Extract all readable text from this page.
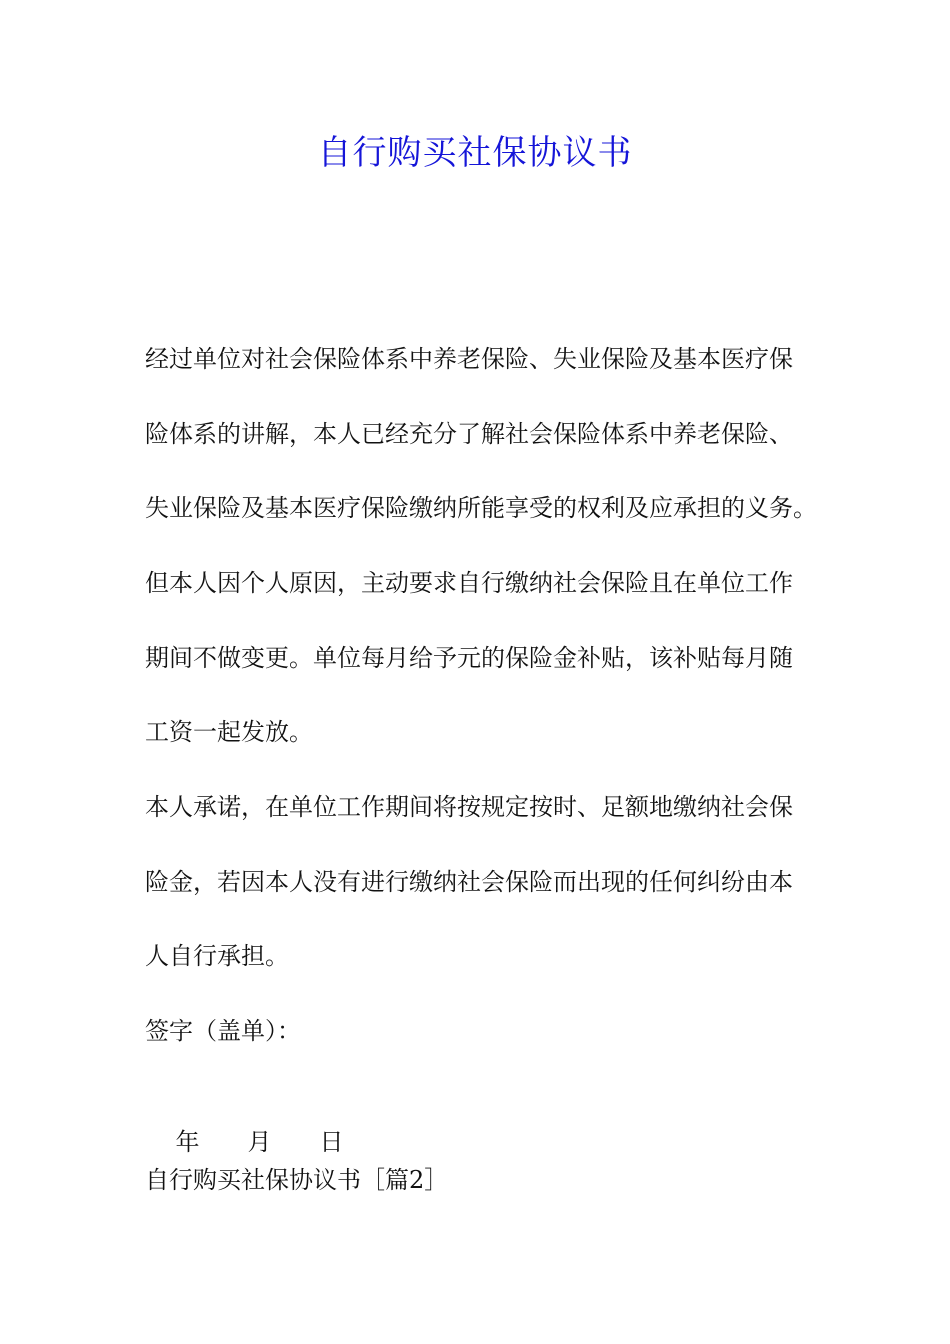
自行购买社保协议书

经过单位对社会保险体系中养老保险、失业保险及基本医疗保

险体系的讲解，本人已经充分了解社会保险体系中养老保险、

失业保险及基本医疗保险缴纳所能享受的权利及应承担的义务。

但本人因个人原因，主动要求自行缴纳社会保险且在单位工作

期间不做变更。单位每月给予元的保险金补贴，该补贴每月随

工资一起发放。

本人承诺，在单位工作期间将按规定按时、足额地缴纳社会保

险金，若因本人没有进行缴纳社会保险而出现的任何纠纷由本

人自行承担。

签字（盖单）：

年 月 日

自行购买社保协议书［篇2］
